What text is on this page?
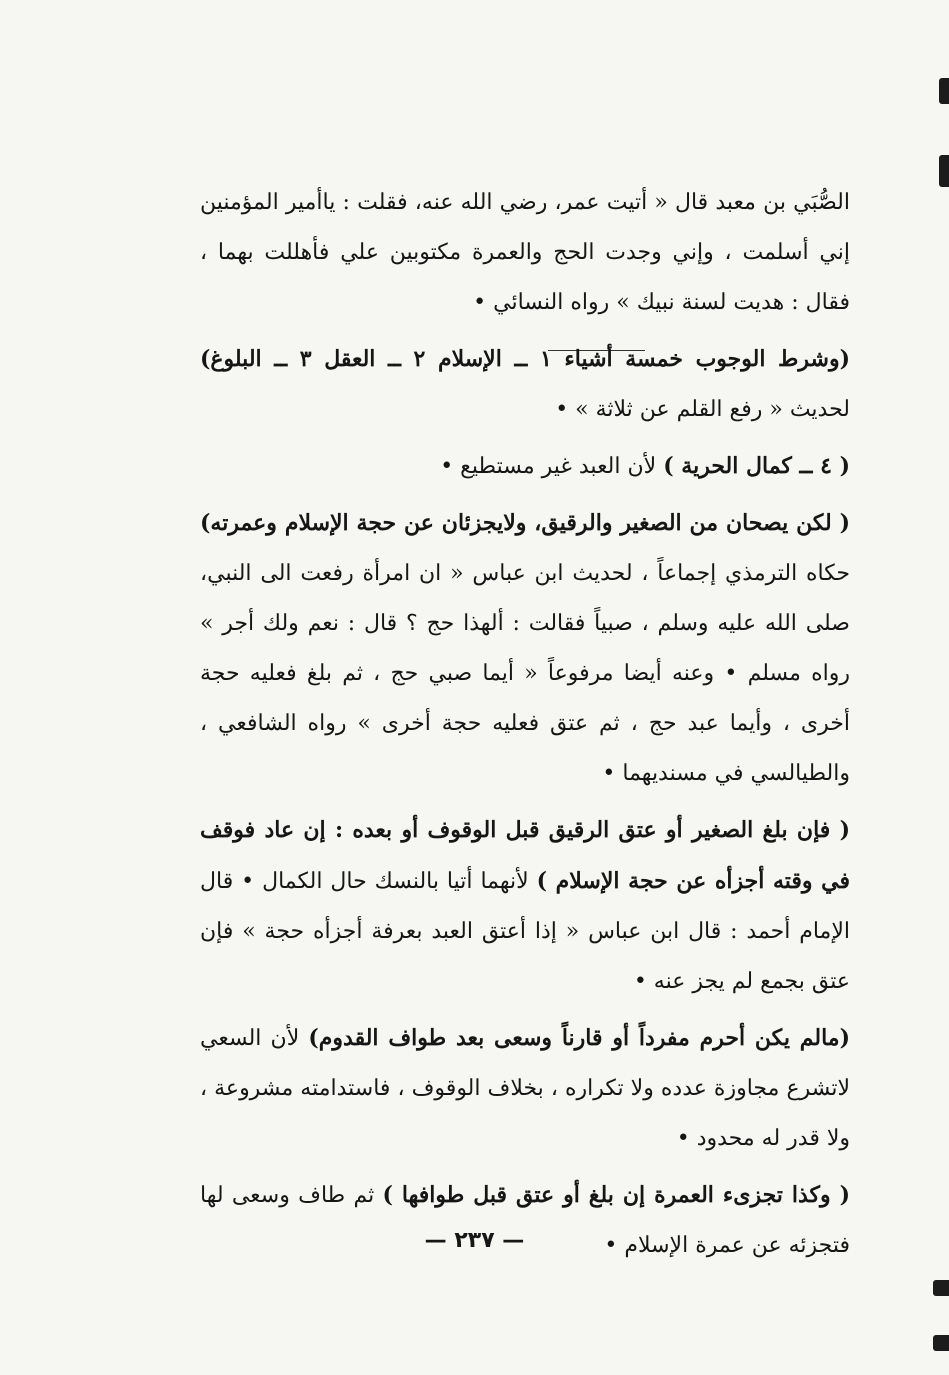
الصُّبَي بن معبد قال « أتيت عمر، رضي الله عنه، فقلت : ياأمير المؤمنين إني أسلمت ، وإني وجدت الحج والعمرة مكتوبين علي فأهللت بهما ، فقال : هديت لسنة نبيك » رواه النسائي •

(وشرط الوجوب خمسة أشياء ١ ــ الإسلام ٢ ــ العقل ٣ ــ البلوغ) لحديث « رفع القلم عن ثلاثة » •

( ٤ ــ كمال الحرية ) لأن العبد غير مستطيع •

( لكن يصحان من الصغير والرقيق، ولايجزئان عن حجة الإسلام وعمرته) حكاه الترمذي إجماعاً ، لحديث ابن عباس « ان امرأة رفعت الى النبي، صلى الله عليه وسلم ، صبياً فقالت : ألهذا حج ؟ قال : نعم ولك أجر » رواه مسلم • وعنه أيضا مرفوعاً « أيما صبي حج ، ثم بلغ فعليه حجة أخرى ، وأيما عبد حج ، ثم عتق فعليه حجة أخرى » رواه الشافعي ، والطيالسي في مسنديهما •

( فإن بلغ الصغير أو عتق الرقيق قبل الوقوف أو بعده : إن عاد فوقف في وقته أجزأه عن حجة الإسلام ) لأنهما أتيا بالنسك حال الكمال • قال الإمام أحمد : قال ابن عباس « إذا أعتق العبد بعرفة أجزأه حجة » فإن عتق بجمع لم يجز عنه •

(مالم يكن أحرم مفرداً أو قارناً وسعى بعد طواف القدوم) لأن السعي لاتشرع مجاوزة عدده ولا تكراره ، بخلاف الوقوف ، فاستدامته مشروعة ، ولا قدر له محدود •

( وكذا تجزىء العمرة إن بلغ أو عتق قبل طوافها ) ثم طاف وسعى لها فتجزئه عن عمرة الإسلام •

— ٢٣٧ —
